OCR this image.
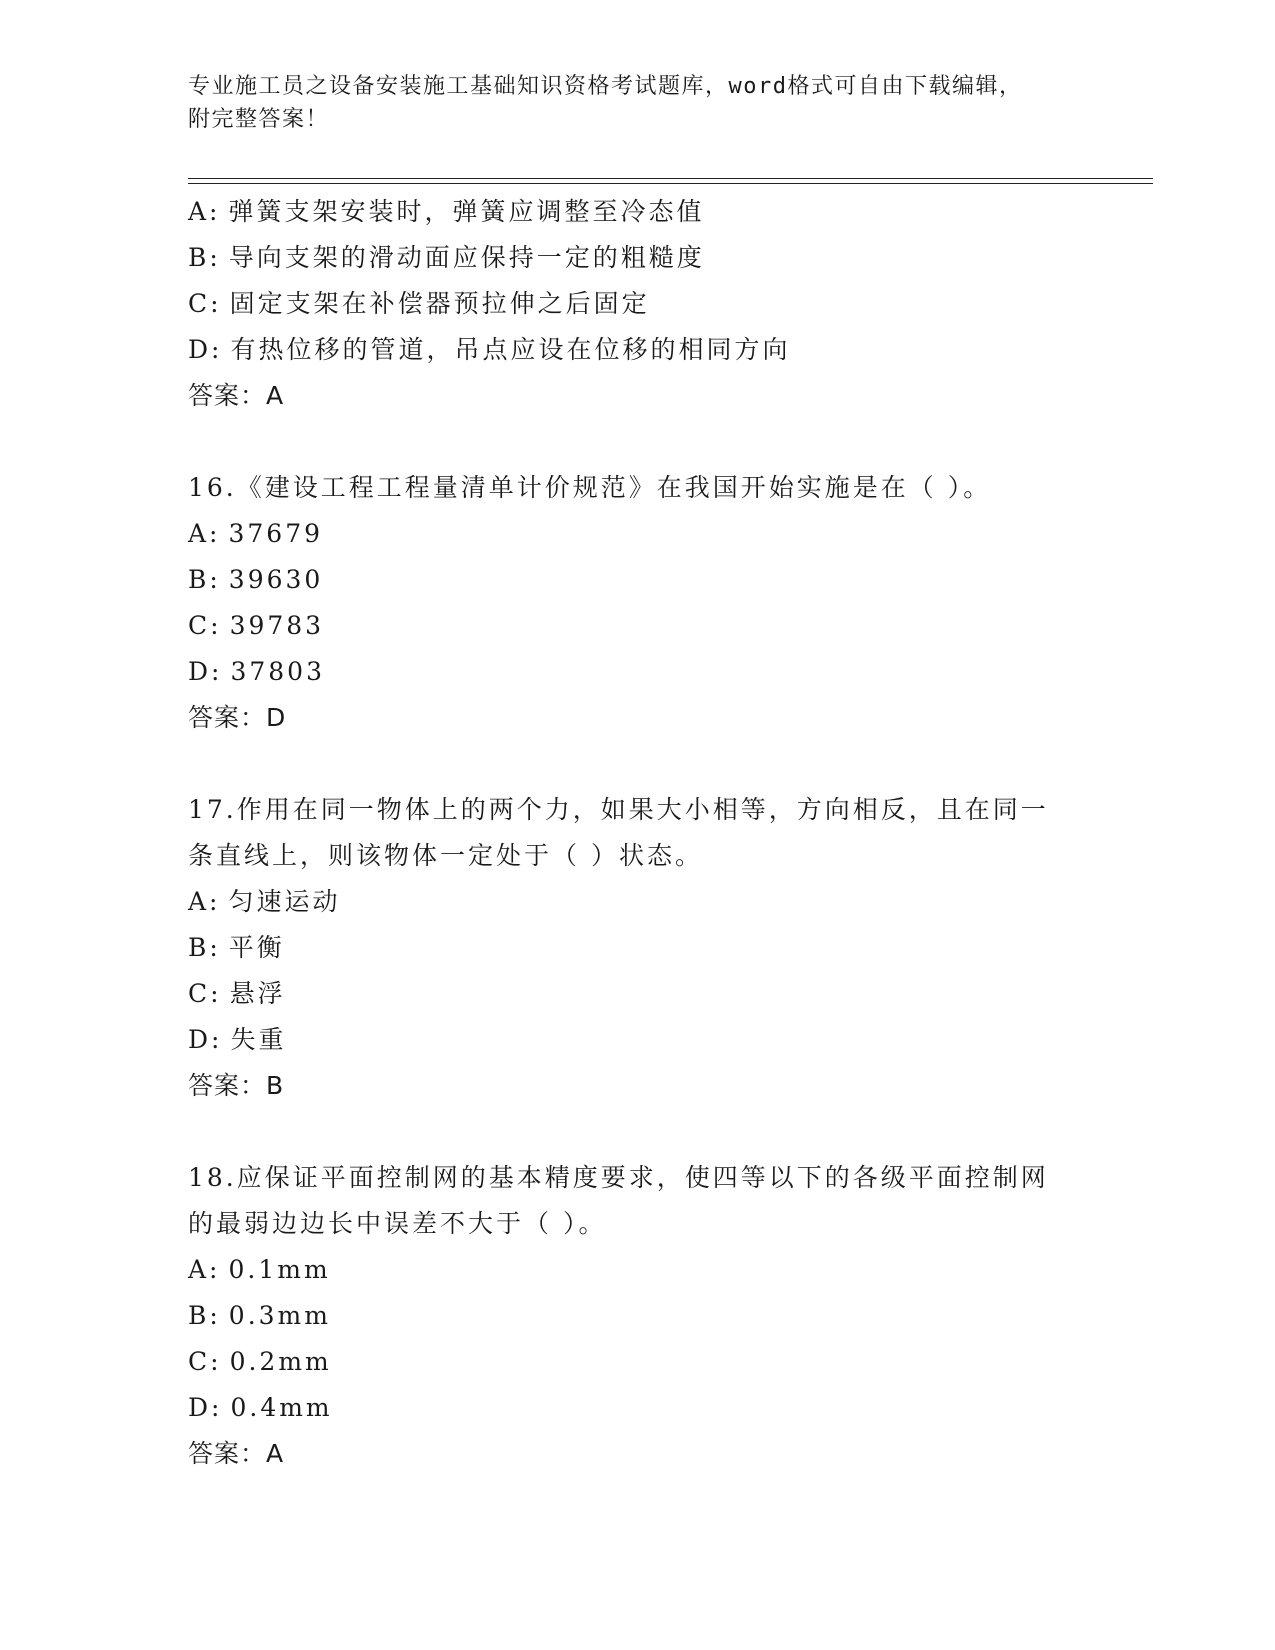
专业施工员之设备安装施工基础知识资格考试题库，word格式可自由下载编辑，
附完整答案！
A: 弹簧支架安装时，弹簧应调整至冷态值
B: 导向支架的滑动面应保持一定的粗糙度
C: 固定支架在补偿器预拉伸之后固定
D: 有热位移的管道，吊点应设在位移的相同方向
答案：A
16.《建设工程工程量清单计价规范》在我国开始实施是在（ ）。
A: 37679
B: 39630
C: 39783
D: 37803
答案：D
17.作用在同一物体上的两个力，如果大小相等，方向相反，且在同一
条直线上，则该物体一定处于（ ）状态。
A: 匀速运动
B: 平衡
C: 悬浮
D: 失重
答案：B
18.应保证平面控制网的基本精度要求，使四等以下的各级平面控制网
的最弱边边长中误差不大于（ ）。
A: 0.1mm
B: 0.3mm
C: 0.2mm
D: 0.4mm
答案：A
